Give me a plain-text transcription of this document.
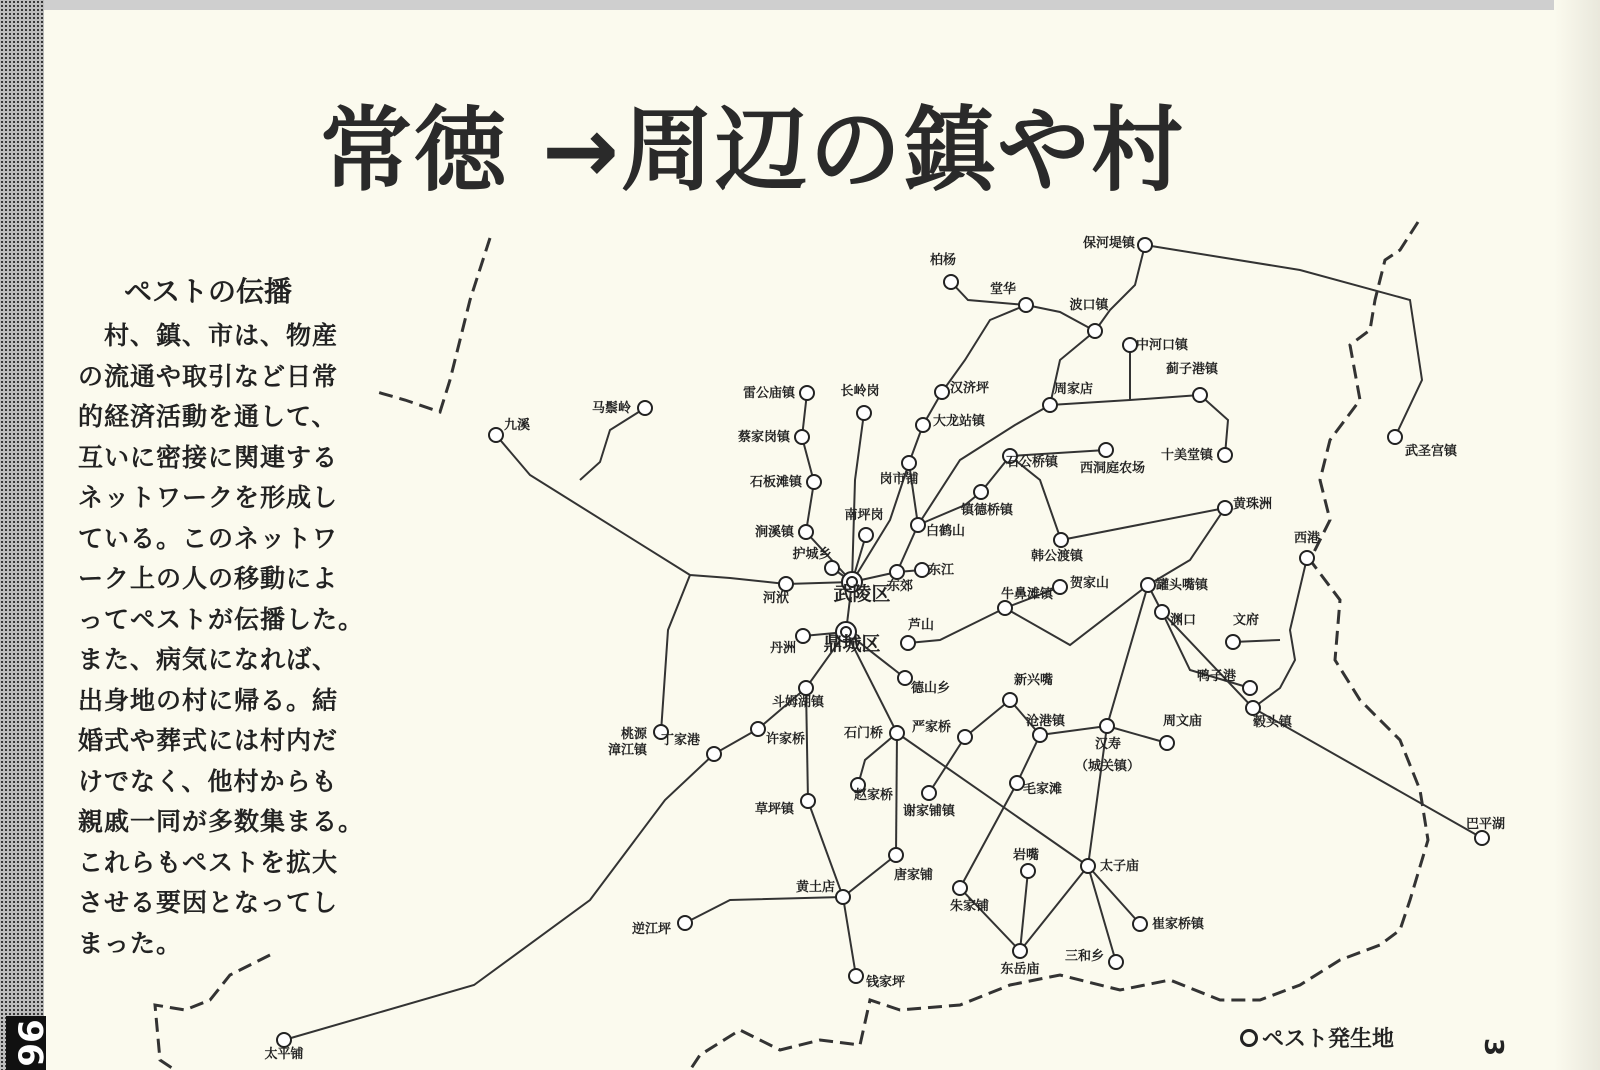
96	3
常徳 →周辺の鎮や村
ペストの伝播
村、鎮、市は、物産
の流通や取引など日常
的経済活動を通して、
互いに密接に関連する
ネットワークを形成し
ている。このネットワ
ーク上の人の移動によ
ってペストが伝播した。
また、病気になれば、
出身地の村に帰る。結
婚式や葬式には村内だ
けでなく、他村からも
親戚一同が多数集まる。
これらもペストを拡大
させる要因となってし
まった。
保河堤镇
柏杨
堂华
波口镇
中河口镇
周家店
蓟子港镇
十美堂镇	武圣宫镇
马鬃岭
九溪
雷公庙镇	长岭岗	汉济坪
大龙站镇
蔡家岗镇
石板滩镇	岗市铺
石公桥镇 西洞庭农场
镇德桥镇
南坪岗
白鹤山
黄珠洲
西港
涧溪镇
护城乡	韩公渡镇
东郊
东江
河洑 武陵区	贺家山
牛鼻滩镇
罐头嘴镇
渊口	文府
芦山
丹洲 鼎城区
德山乡
新兴嘴	鸭子港
斗姆湖镇
桃源漳江镇
丁家港	许家桥	石门桥 严家桥	沧港镇
汉寿
周文庙	毂头镇
草坪镇
赵家桥
谢家铺镇
毛家滩
巴平湖
岩嘴
太子庙
黄土店
唐家铺
朱家铺
逆江坪
东岳庙
崔家桥镇
三和乡
钱家坪
太平铺
（城关镇）
ペスト発生地
